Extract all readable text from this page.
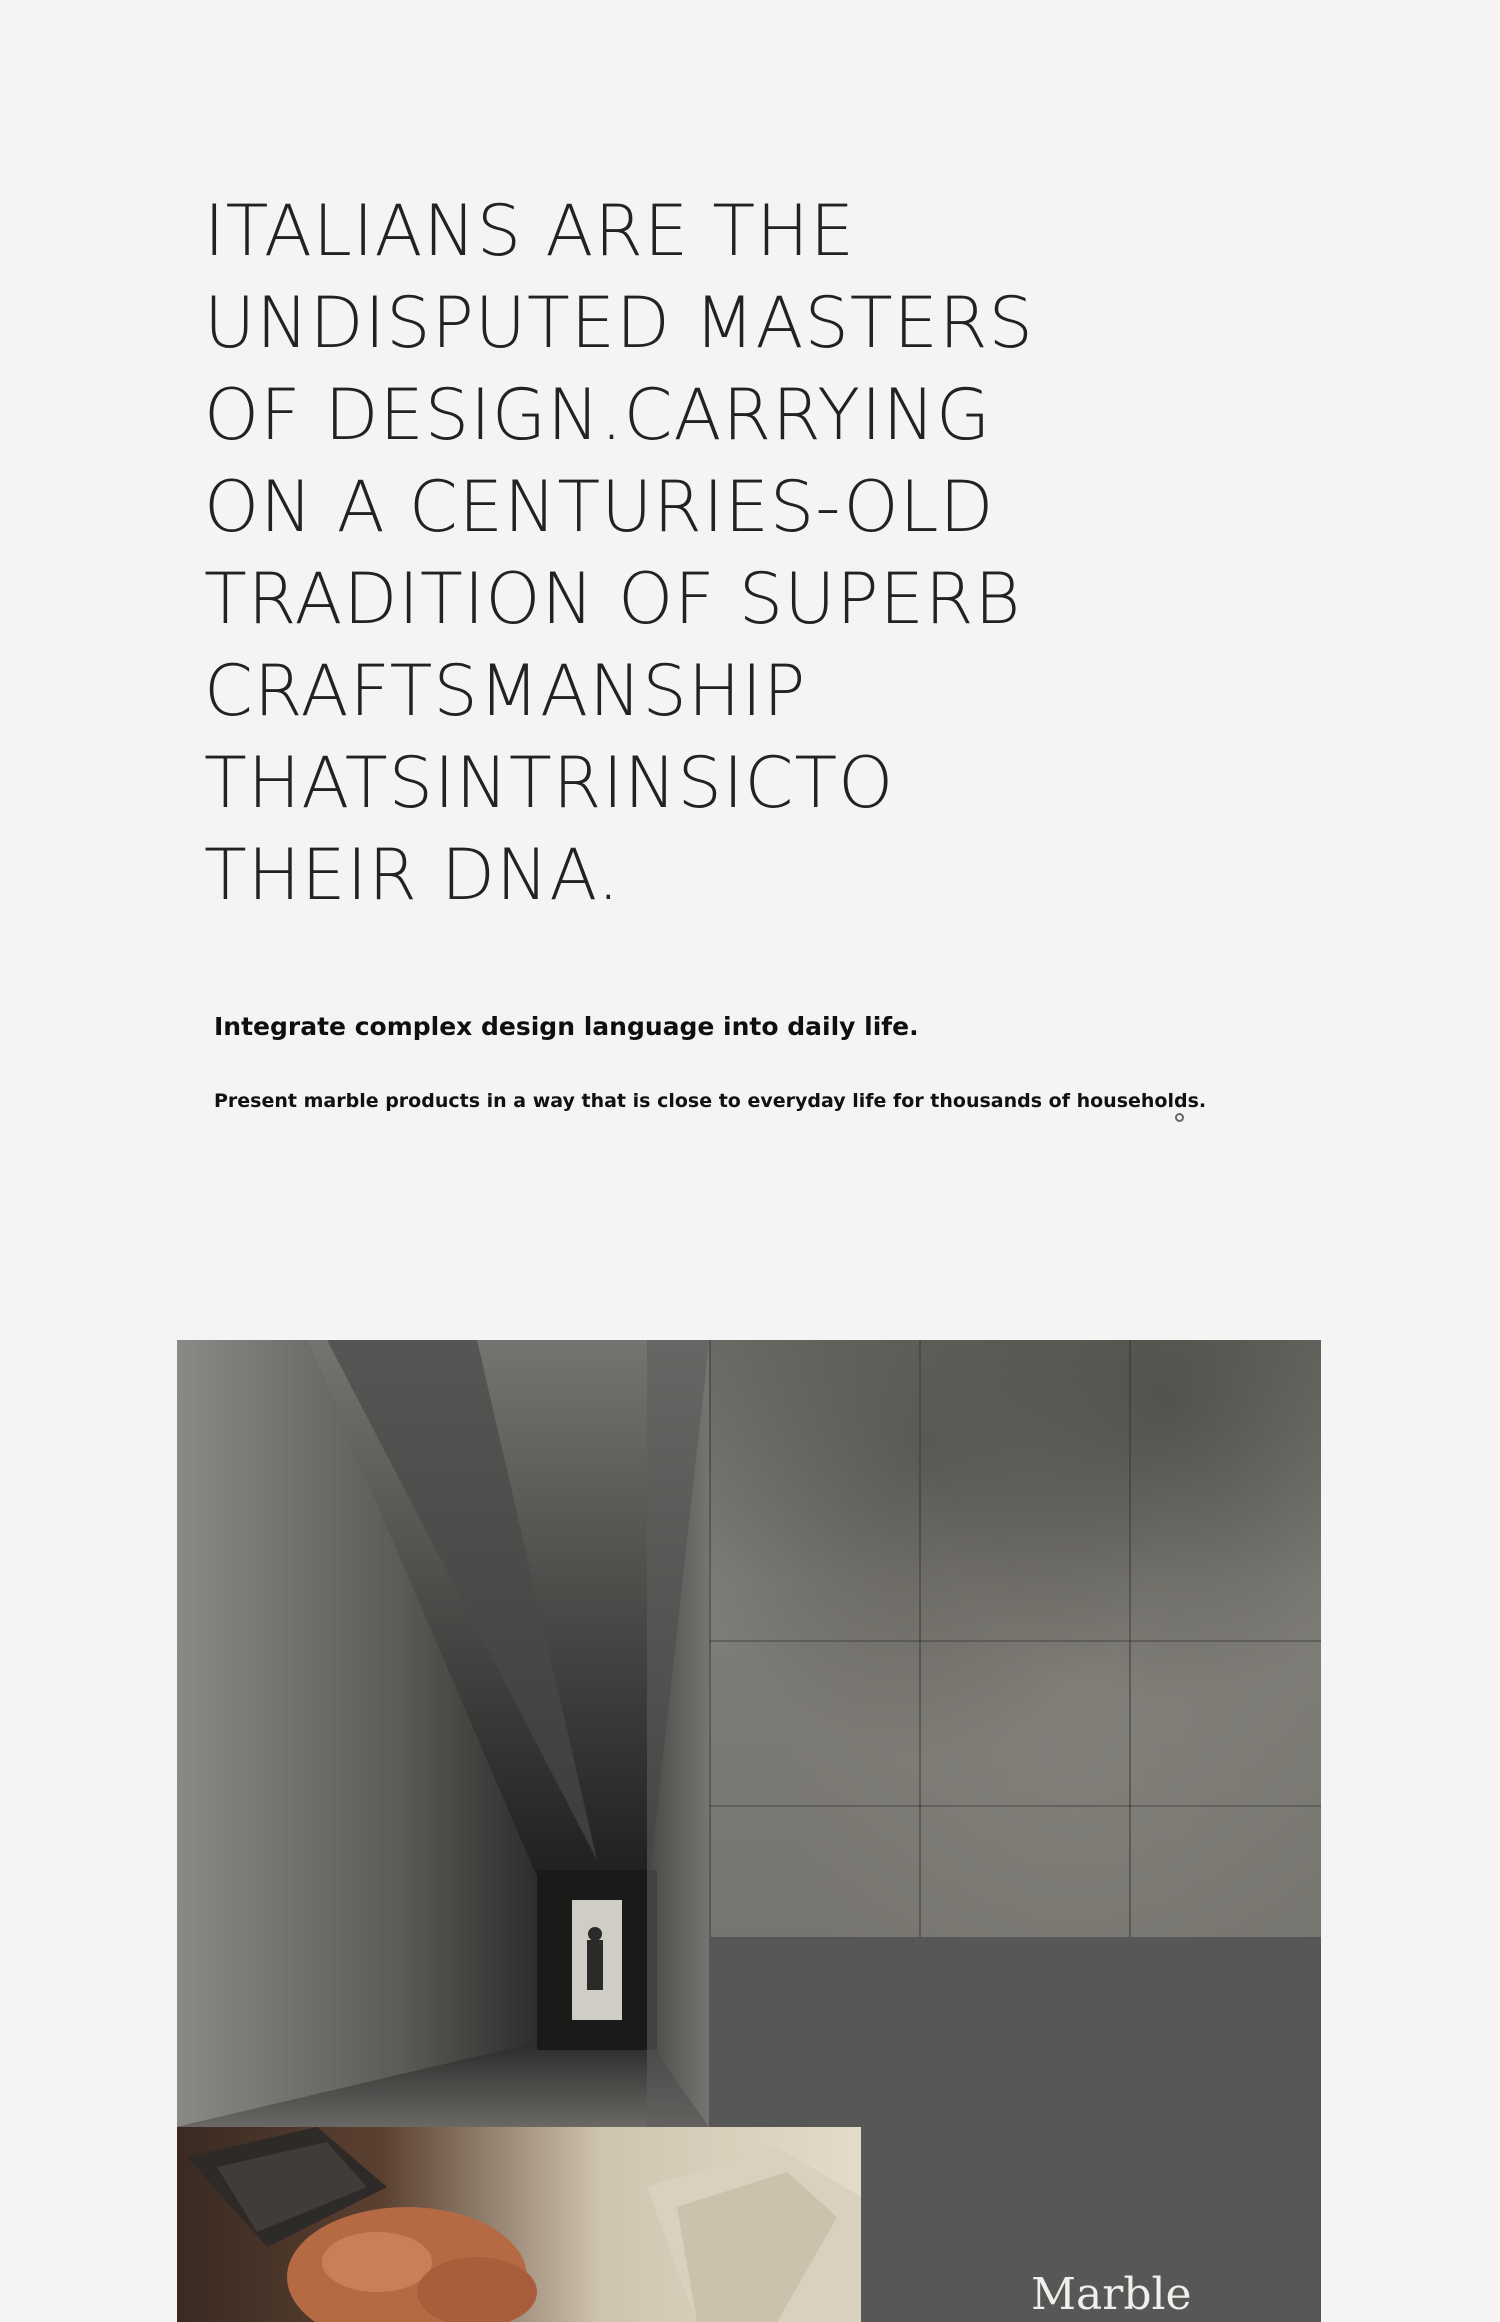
ITALIANS ARE THE
UNDISPUTED MASTERS
OF DESIGN.CARRYING
ON A CENTURIES-OLD
TRADITION OF SUPERB
CRAFTSMANSHIP
THATSINTRINSICTO
THEIR DNA.
Integrate complex design language into daily life.

Present marble products in a way that is close to everyday life for thousands of households.

Marble
